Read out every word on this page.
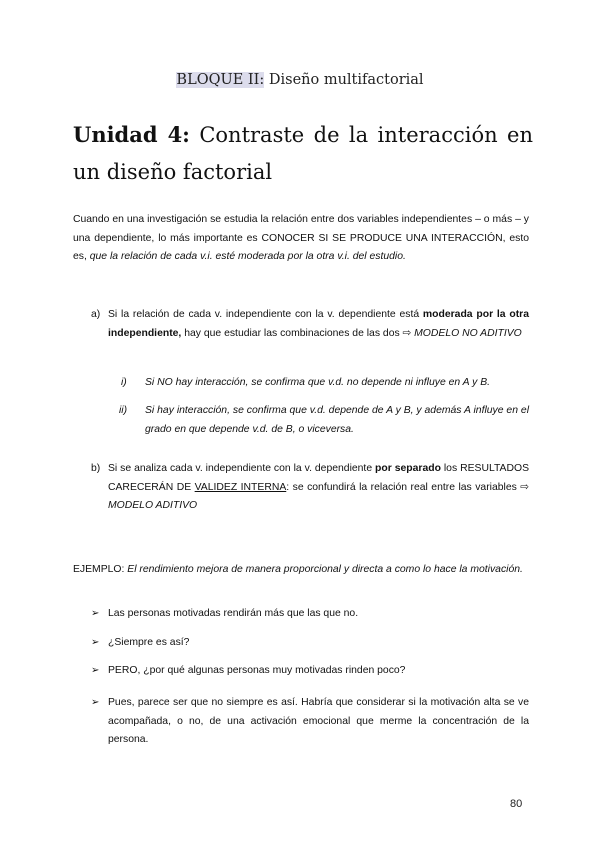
BLOQUE II: Diseño multifactorial
Unidad 4: Contraste de la interacción en un diseño factorial
Cuando en una investigación se estudia la relación entre dos variables independientes – o más – y una dependiente, lo más importante es CONOCER SI SE PRODUCE UNA INTERACCIÓN, esto es, que la relación de cada v.i. esté moderada por la otra v.i. del estudio.
a) Si la relación de cada v. independiente con la v. dependiente está moderada por la otra independiente, hay que estudiar las combinaciones de las dos ⇨ MODELO NO ADITIVO
i) Si NO hay interacción, se confirma que v.d. no depende ni influye en A y B.
ii) Si hay interacción, se confirma que v.d. depende de A y B, y además A influye en el grado en que depende v.d. de B, o viceversa.
b) Si se analiza cada v. independiente con la v. dependiente por separado los RESULTADOS CARECERÁN DE VALIDEZ INTERNA: se confundirá la relación real entre las variables ⇨ MODELO ADITIVO
EJEMPLO: El rendimiento mejora de manera proporcional y directa a como lo hace la motivación.
➢ Las personas motivadas rendirán más que las que no.
➢ ¿Siempre es así?
➢ PERO, ¿por qué algunas personas muy motivadas rinden poco?
➢ Pues, parece ser que no siempre es así. Habría que considerar si la motivación alta se ve acompañada, o no, de una activación emocional que merme la concentración de la persona.
80
